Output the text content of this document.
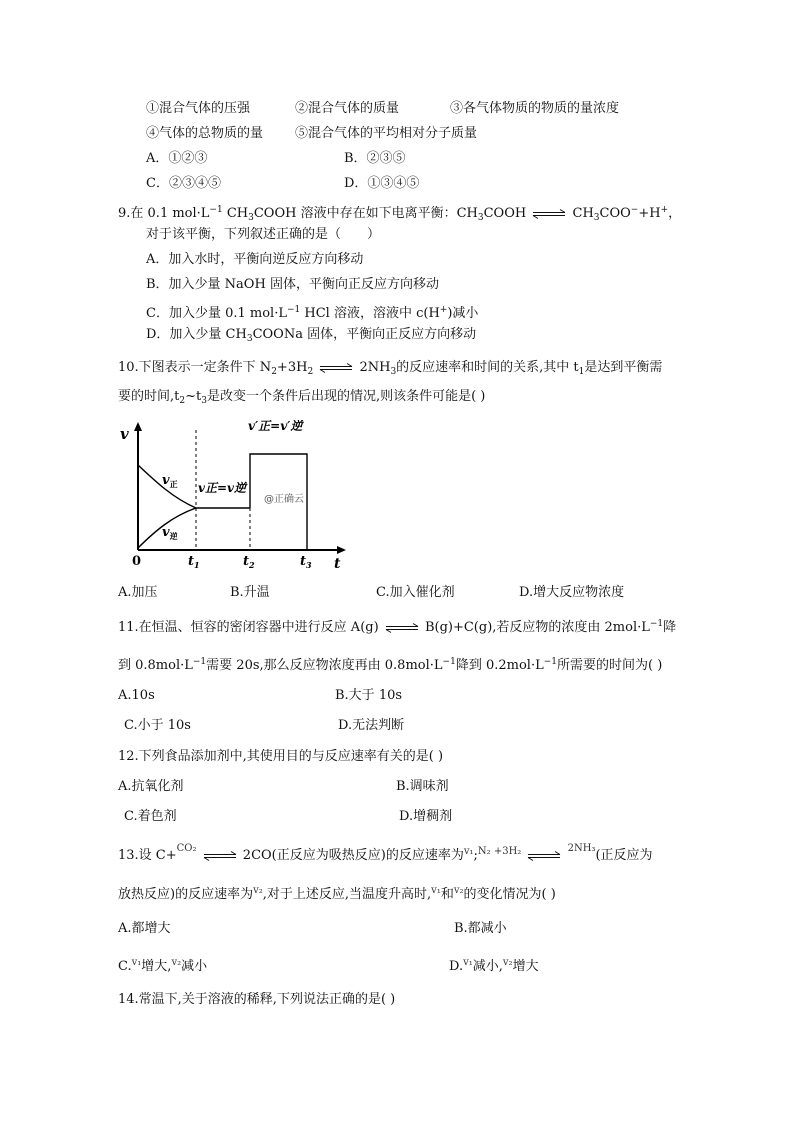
①混合气体的压强	②混合气体的质量	③各气体物质的物质的量浓度
④气体的总物质的量 ⑤混合气体的平均相对分子质量
A．①②③	B．②③⑤
C．②③④⑤	D．①③④⑤
9.在 0.1 $mol\cdot L^{-1}$ $CH_3COOH$ 溶液中存在如下电离平衡：$CH_3COOH$	$CH_3COO^-+H^+$，
对于该平衡，下列叙述正确的是（　　）
A．加入水时，平衡向逆反应方向移动
B．加入少量 NaOH 固体，平衡向正反应方向移动
C．加入少量 0.1 $mol\cdot L^{-1}$ HCl 溶液，溶液中 c(H+)减小
D．加入少量 $CH_3COONa$ 固体，平衡向正反应方向移动
10.下图表示一定条件下 $N_2+3H_2$	$2NH_3$的反应速率和时间的关系,其中 $t_1$是达到平衡需
要的时间$,t_2\sim t_3$是改变一个条件后出现的情况,则该条件可能是( )
v
0	$t_1$	$t_2$	$t_3$ t
$v_正$
$v_逆$
v正=v逆
v′正=v′逆
@正确云
A.加压	B.升温	C.加入催化剂	D.增大反应物浓度
11.在恒温、恒容的密闭容器中进行反应 A(g)	B(g)+C(g),若反应物的浓度由 $2mol\cdot L^{-1}$降
到 $0.8mol\cdot L^{-1}$需要 20s,那么反应物浓度再由 $0.8mol\cdot L^{-1}$降到 $0.2mol\cdot L^{-1}$所需要的时间为( )
A.10s	B.大于 10s
C.小于 10s	D.无法判断
12.下列食品添加剂中,其使用目的与反应速率有关的是( )
A.抗氧化剂	B.调味剂
C.着色剂	D.增稠剂
13.设 C+$^{CO_2}$	2CO(正反应为吸热反应)的反应速率为$^{v_1}$;$^{N_2 +3H_2}$	$^{2NH_3}$(正反应为
放热反应)的反应速率为$^{v_2}$,对于上述反应,当温度升高时,$^{v_1}$和$^{v_2}$的变化情况为( )
A.都增大	B.都减小
C.$^{v_1}$增大,$^{v_2}$减小	D.$^{v_1}$减小,$^{v_2}$增大
14.常温下,关于溶液的稀释,下列说法正确的是( )
